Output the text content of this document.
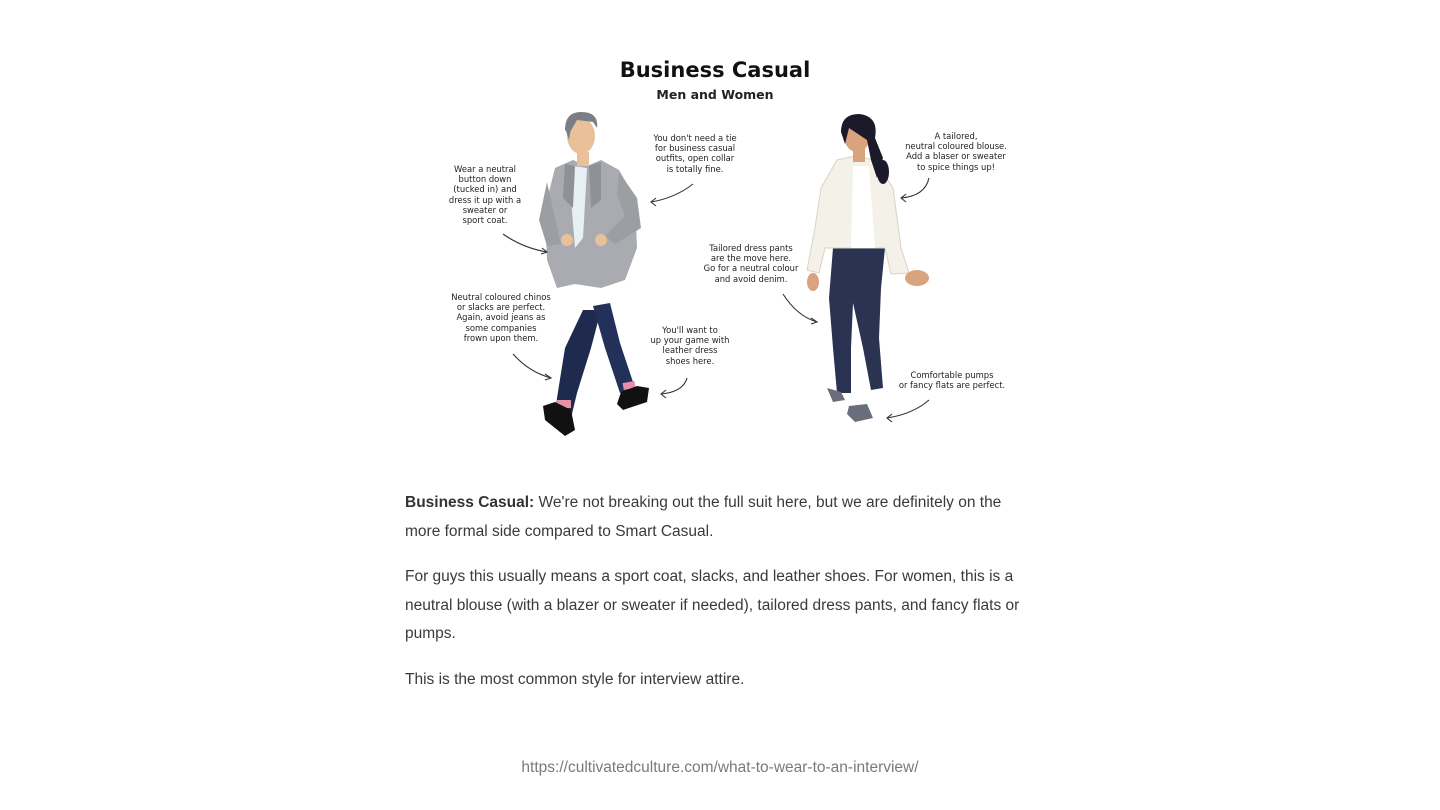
Business Casual
Men and Women
Wear a neutral
button down
(tucked in) and
dress it up with a
sweater or
sport coat.
You don't need a tie
for business casual
outfits, open collar
is totally fine.
Neutral coloured chinos
or slacks are perfect.
Again, avoid jeans as
some companies
frown upon them.
You'll want to
up your game with
leather dress
shoes here.
A tailored,
neutral coloured blouse.
Add a blaser or sweater
to spice things up!
Tailored dress pants
are the move here.
Go for a neutral colour
and avoid denim.
Comfortable pumps
or fancy flats are perfect.

Business Casual: We're not breaking out the full suit here, but we are definitely on the more formal side compared to Smart Casual.

For guys this usually means a sport coat, slacks, and leather shoes. For women, this is a neutral blouse (with a blazer or sweater if needed), tailored dress pants, and fancy flats or pumps.

This is the most common style for interview attire.

https://cultivatedculture.com/what-to-wear-to-an-interview/
